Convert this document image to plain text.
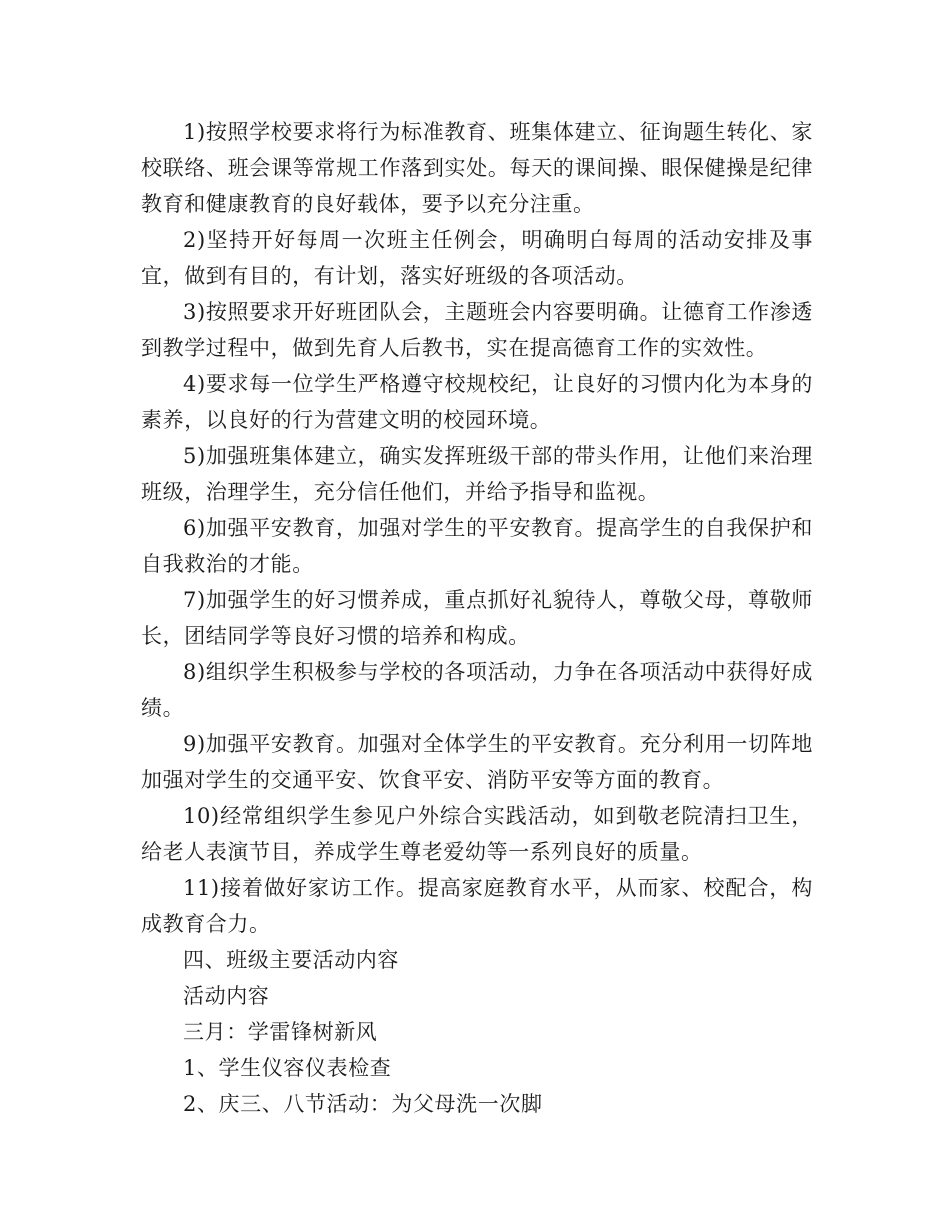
1)按照学校要求将行为标准教育、班集体建立、征询题生转化、家校联络、班会课等常规工作落到实处。每天的课间操、眼保健操是纪律教育和健康教育的良好载体，要予以充分注重。

2)坚持开好每周一次班主任例会，明确明白每周的活动安排及事宜，做到有目的，有计划，落实好班级的各项活动。

3)按照要求开好班团队会，主题班会内容要明确。让德育工作渗透到教学过程中，做到先育人后教书，实在提高德育工作的实效性。

4)要求每一位学生严格遵守校规校纪，让良好的习惯内化为本身的素养，以良好的行为营建文明的校园环境。

5)加强班集体建立，确实发挥班级干部的带头作用，让他们来治理班级，治理学生，充分信任他们，并给予指导和监视。

6)加强平安教育，加强对学生的平安教育。提高学生的自我保护和自我救治的才能。

7)加强学生的好习惯养成，重点抓好礼貌待人，尊敬父母，尊敬师长，团结同学等良好习惯的培养和构成。

8)组织学生积极参与学校的各项活动，力争在各项活动中获得好成绩。

9)加强平安教育。加强对全体学生的平安教育。充分利用一切阵地加强对学生的交通平安、饮食平安、消防平安等方面的教育。

10)经常组织学生参见户外综合实践活动，如到敬老院清扫卫生，给老人表演节目，养成学生尊老爱幼等一系列良好的质量。

11)接着做好家访工作。提高家庭教育水平，从而家、校配合，构成教育合力。

四、班级主要活动内容

活动内容

三月：学雷锋树新风

1、学生仪容仪表检查

2、庆三、八节活动：为父母洗一次脚
